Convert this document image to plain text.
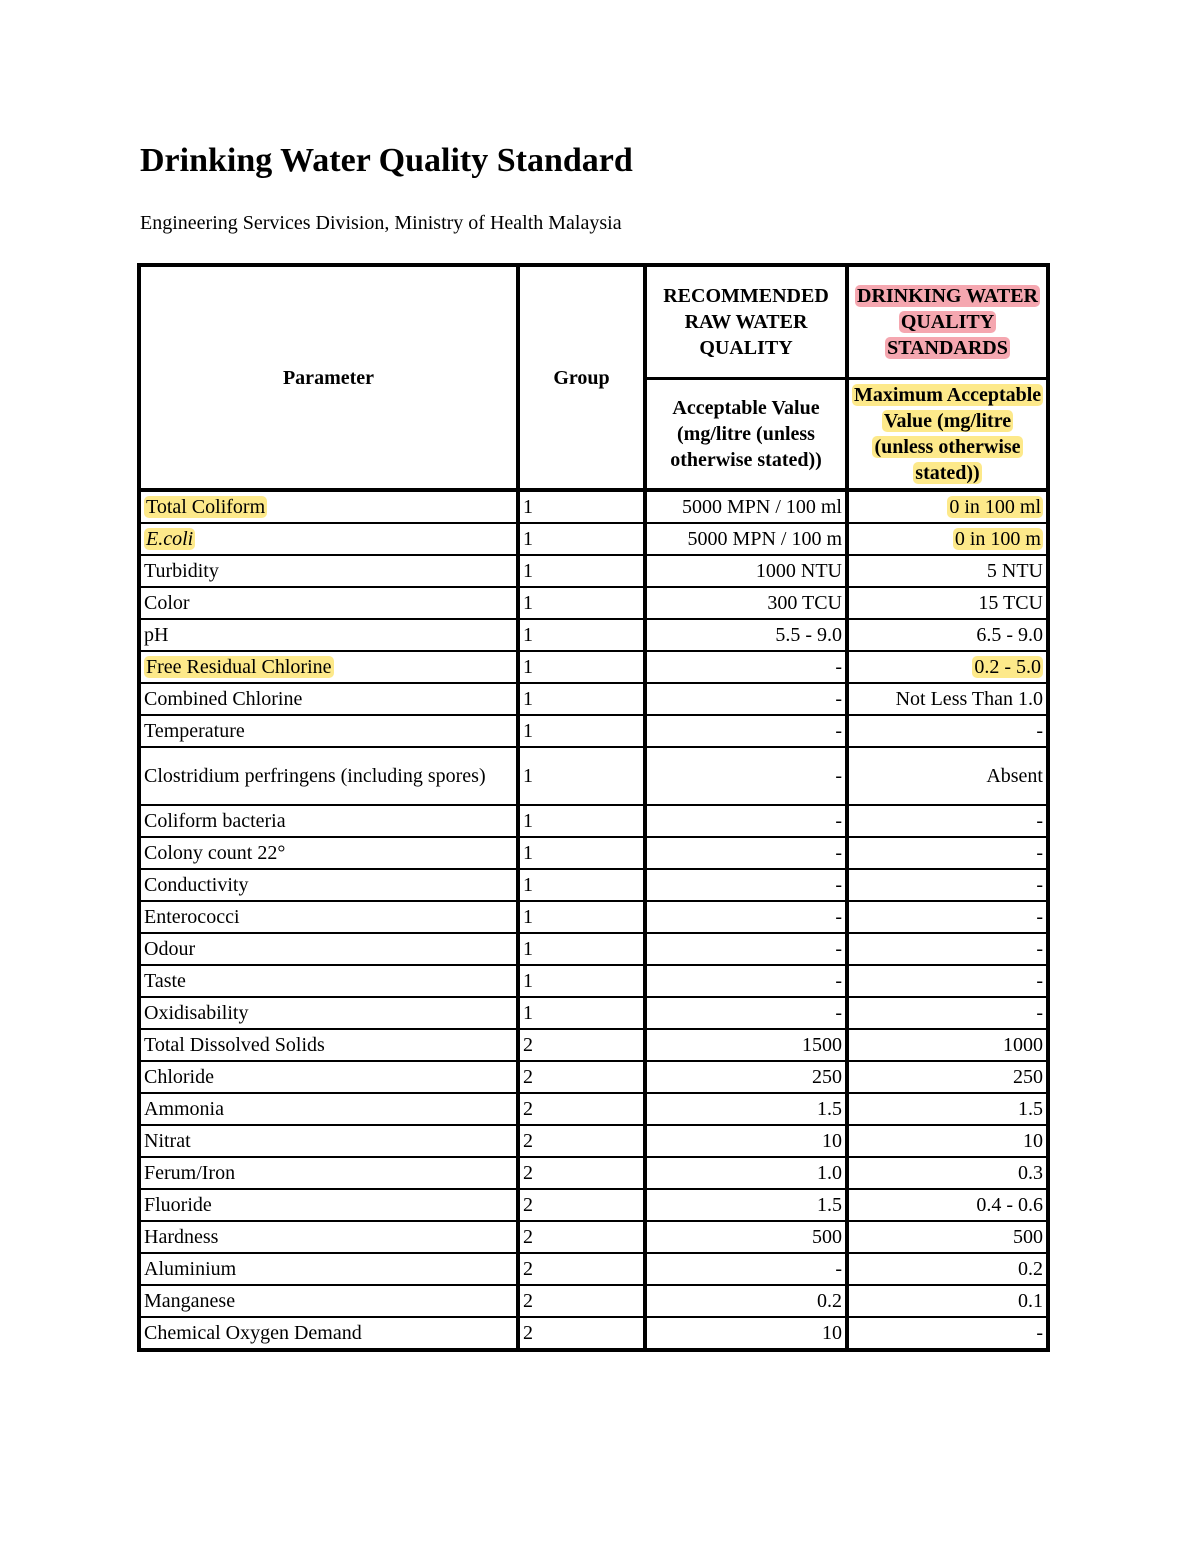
Drinking Water Quality Standard

Engineering Services Division, Ministry of Health Malaysia

Parameter	Group	RECOMMENDED RAW WATER QUALITY	DRINKING WATER QUALITY STANDARDS
		Acceptable Value (mg/litre (unless otherwise stated))	Maximum Acceptable Value (mg/litre (unless otherwise stated))
Total Coliform	1	5000 MPN / 100 ml	0 in 100 ml
E.coli	1	5000 MPN / 100 m	0 in 100 m
Turbidity	1	1000 NTU	5 NTU
Color	1	300 TCU	15 TCU
pH	1	5.5 - 9.0	6.5 - 9.0
Free Residual Chlorine	1	-	0.2 - 5.0
Combined Chlorine	1	-	Not Less Than 1.0
Temperature	1	-	-
Clostridium perfringens (including spores)	1	-	Absent
Coliform bacteria	1	-	-
Colony count 22°	1	-	-
Conductivity	1	-	-
Enterococci	1	-	-
Odour	1	-	-
Taste	1	-	-
Oxidisability	1	-	-
Total Dissolved Solids	2	1500	1000
Chloride	2	250	250
Ammonia	2	1.5	1.5
Nitrat	2	10	10
Ferum/Iron	2	1.0	0.3
Fluoride	2	1.5	0.4 - 0.6
Hardness	2	500	500
Aluminium	2	-	0.2
Manganese	2	0.2	0.1
Chemical Oxygen Demand	2	10	-
